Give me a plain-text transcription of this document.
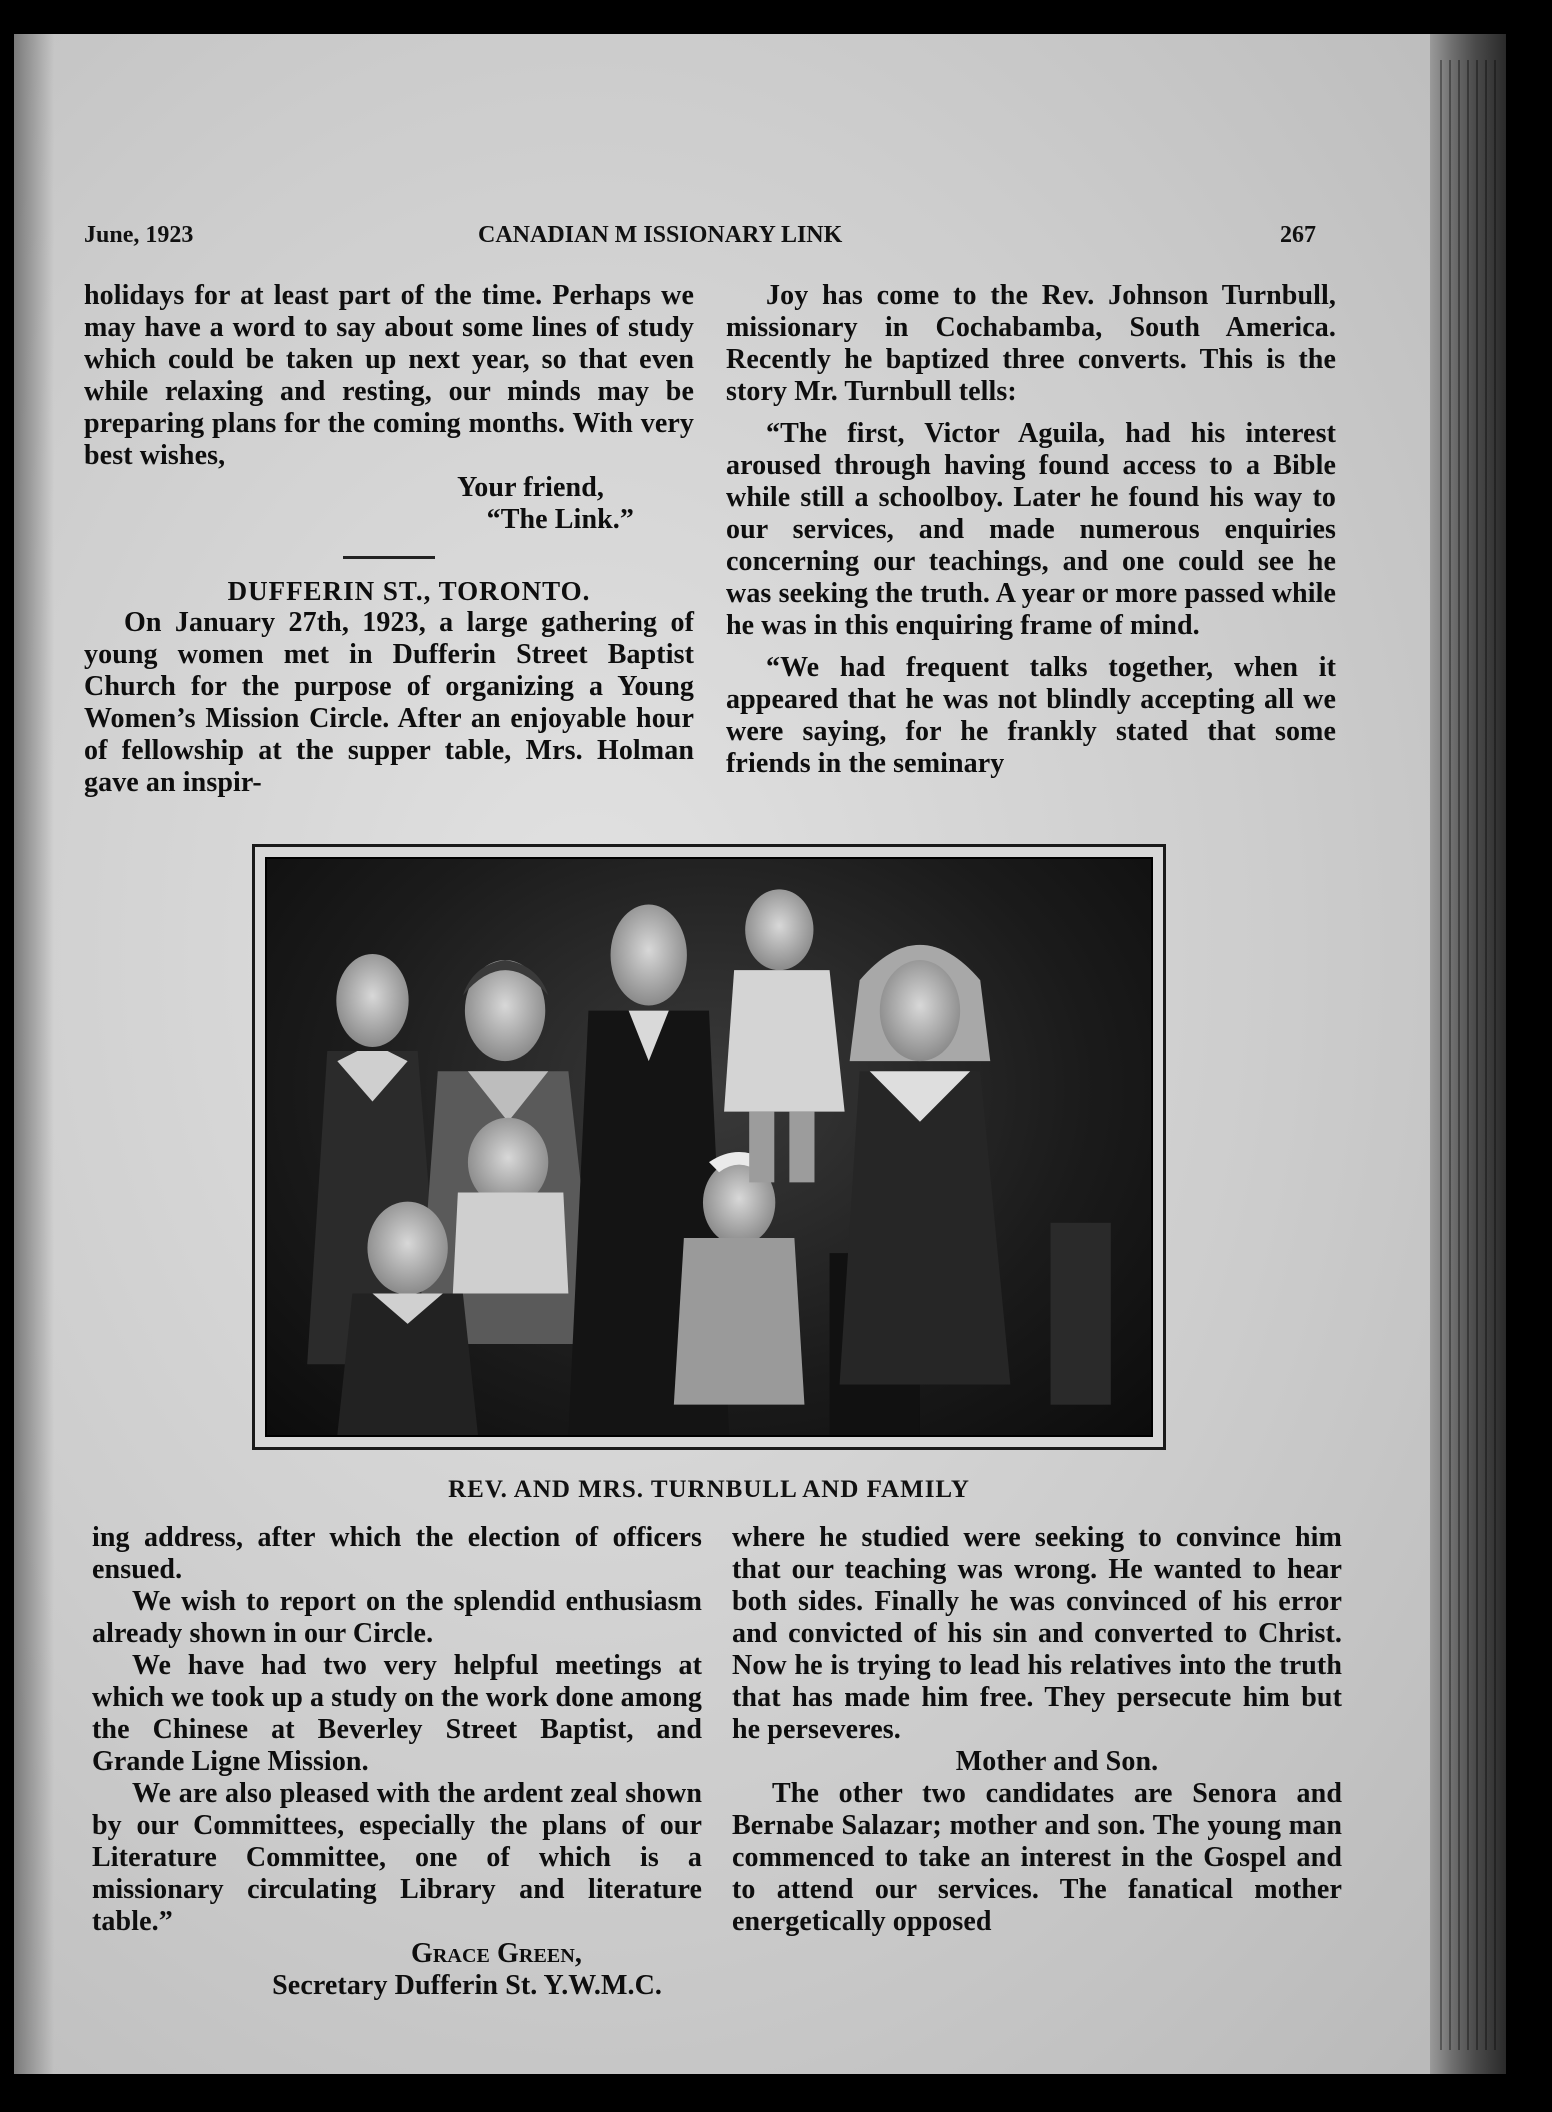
June, 1923	CANADIAN M ISSIONARY LINK	267

holidays for at least part of the time. Perhaps we may have a word to say about some lines of study which could be taken up next year, so that even while relaxing and resting, our minds may be preparing plans for the coming months. With very best wishes,

Your friend,

“The Link.”

DUFFERIN ST., TORONTO.

On January 27th, 1923, a large gathering of young women met in Dufferin Street Baptist Church for the purpose of organizing a Young Women’s Mission Circle. After an enjoyable hour of fellowship at the supper table, Mrs. Holman gave an inspir-

Joy has come to the Rev. Johnson Turnbull, missionary in Cochabamba, South America. Recently he baptized three converts. This is the story Mr. Turnbull tells:

“The first, Victor Aguila, had his interest aroused through having found access to a Bible while still a schoolboy. Later he found his way to our services, and made numerous enquiries concerning our teachings, and one could see he was seeking the truth. A year or more passed while he was in this enquiring frame of mind.

“We had frequent talks together, when it appeared that he was not blindly accepting all we were saying, for he frankly stated that some friends in the seminary

REV. AND MRS. TURNBULL AND FAMILY

ing address, after which the election of officers ensued.

We wish to report on the splendid enthusiasm already shown in our Circle.

We have had two very helpful meetings at which we took up a study on the work done among the Chinese at Beverley Street Baptist, and Grande Ligne Mission.

We are also pleased with the ardent zeal shown by our Committees, especially the plans of our Literature Committee, one of which is a missionary circulating Library and literature table.”

Grace Green,

Secretary Dufferin St. Y.W.M.C.

where he studied were seeking to convince him that our teaching was wrong. He wanted to hear both sides. Finally he was convinced of his error and convicted of his sin and converted to Christ. Now he is trying to lead his relatives into the truth that has made him free. They persecute him but he perseveres.

Mother and Son.

The other two candidates are Senora and Bernabe Salazar; mother and son. The young man commenced to take an interest in the Gospel and to attend our services. The fanatical mother energetically opposed
